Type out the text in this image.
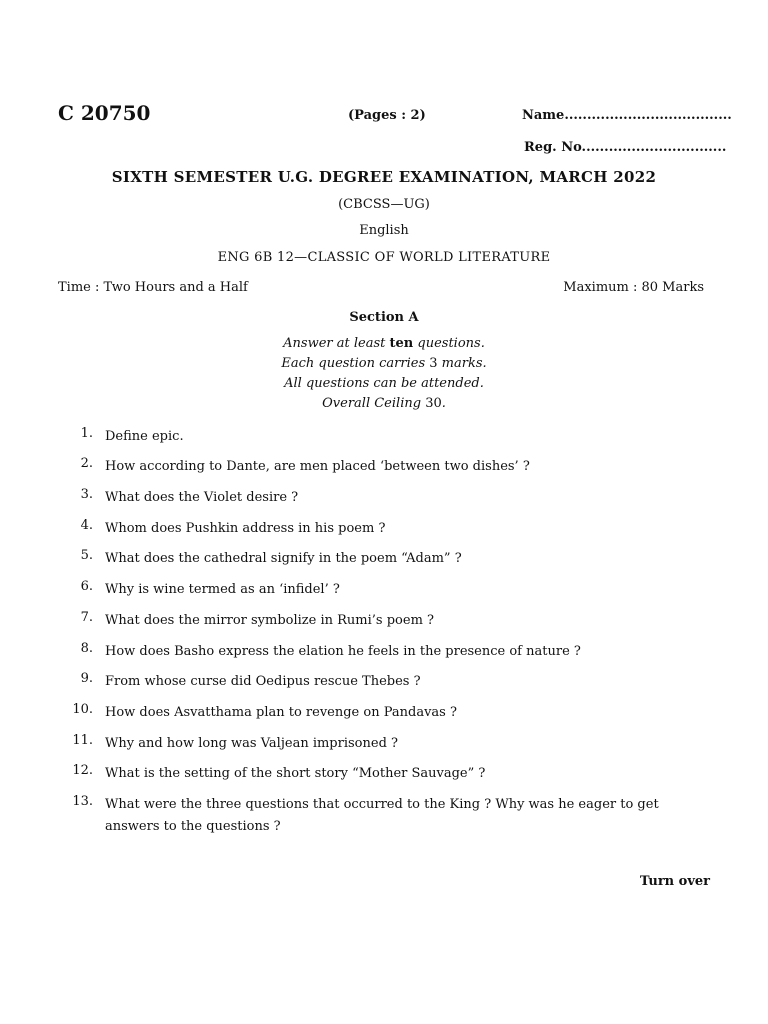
C 20750	(Pages : 2)	Name.....................................
Reg. No................................
SIXTH SEMESTER U.G. DEGREE EXAMINATION, MARCH 2022
(CBCSS—UG)
English
ENG 6B 12—CLASSIC OF WORLD LITERATURE
Time : Two Hours and a Half	Maximum : 80 Marks
Section A
Answer at least ten questions.
Each question carries 3 marks.
All questions can be attended.
Overall Ceiling 30.
1. Define epic.
2. How according to Dante, are men placed ‘between two dishes’ ?
3. What does the Violet desire ?
4. Whom does Pushkin address in his poem ?
5. What does the cathedral signify in the poem “Adam” ?
6. Why is wine termed as an ‘infidel’ ?
7. What does the mirror symbolize in Rumi’s poem ?
8. How does Basho express the elation he feels in the presence of nature ?
9. From whose curse did Oedipus rescue Thebes ?
10. How does Asvatthama plan to revenge on Pandavas ?
11. Why and how long was Valjean imprisoned ?
12. What is the setting of the short story “Mother Sauvage” ?
13. What were the three questions that occurred to the King ? Why was he eager to get answers to the questions ?
Turn over
